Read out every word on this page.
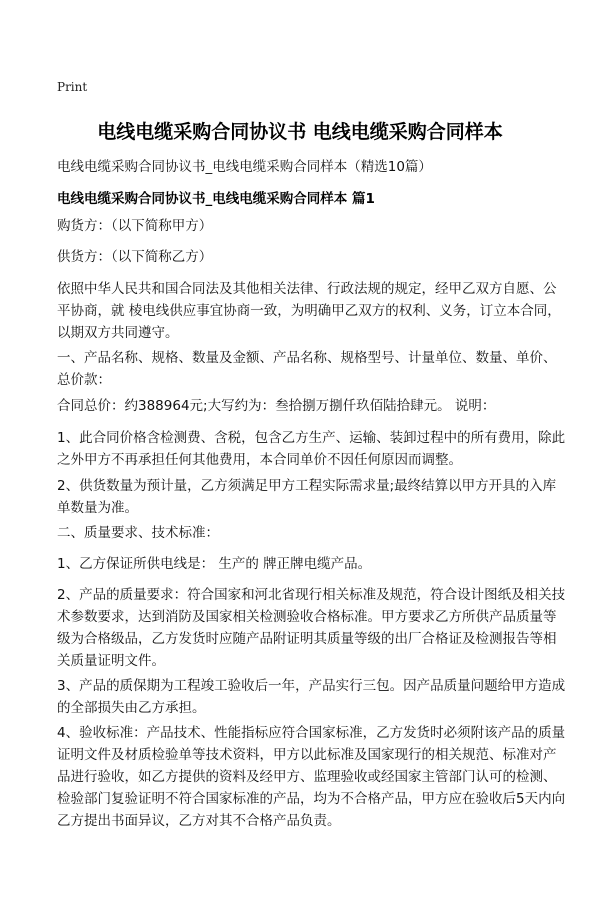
Print
电线电缆采购合同协议书 电线电缆采购合同样本
电线电缆采购合同协议书_电线电缆采购合同样本（精选10篇）
电线电缆采购合同协议书_电线电缆采购合同样本 篇1
购货方：（以下简称甲方）
供货方：（以下简称乙方）
依照中华人民共和国合同法及其他相关法律、行政法规的规定，经甲乙双方自愿、公平协商，就 棱电线供应事宜协商一致，为明确甲乙双方的权利、义务，订立本合同，以期双方共同遵守。
一、产品名称、规格、数量及金额、产品名称、规格型号、计量单位、数量、单价、总价款：
合同总价：约388964元;大写约为：叁拾捌万捌仟玖佰陆拾肆元。 说明：
1、此合同价格含检测费、含税，包含乙方生产、运输、装卸过程中的所有费用，除此之外甲方不再承担任何其他费用，本合同单价不因任何原因而调整。
2、供货数量为预计量，乙方须满足甲方工程实际需求量;最终结算以甲方开具的入库单数量为准。
二、质量要求、技术标准：
1、乙方保证所供电线是： 生产的 牌正牌电缆产品。
2、产品的质量要求：符合国家和河北省现行相关标准及规范，符合设计图纸及相关技术参数要求，达到消防及国家相关检测验收合格标准。甲方要求乙方所供产品质量等级为合格级品，乙方发货时应随产品附证明其质量等级的出厂合格证及检测报告等相关质量证明文件。
3、产品的质保期为工程竣工验收后一年，产品实行三包。因产品质量问题给甲方造成的全部损失由乙方承担。
4、验收标准：产品技术、性能指标应符合国家标准，乙方发货时必须附该产品的质量证明文件及材质检验单等技术资料，甲方以此标准及国家现行的相关规范、标准对产品进行验收，如乙方提供的资料及经甲方、监理验收或经国家主管部门认可的检测、检验部门复验证明不符合国家标准的产品，均为不合格产品，甲方应在验收后5天内向乙方提出书面异议，乙方对其不合格产品负责。
